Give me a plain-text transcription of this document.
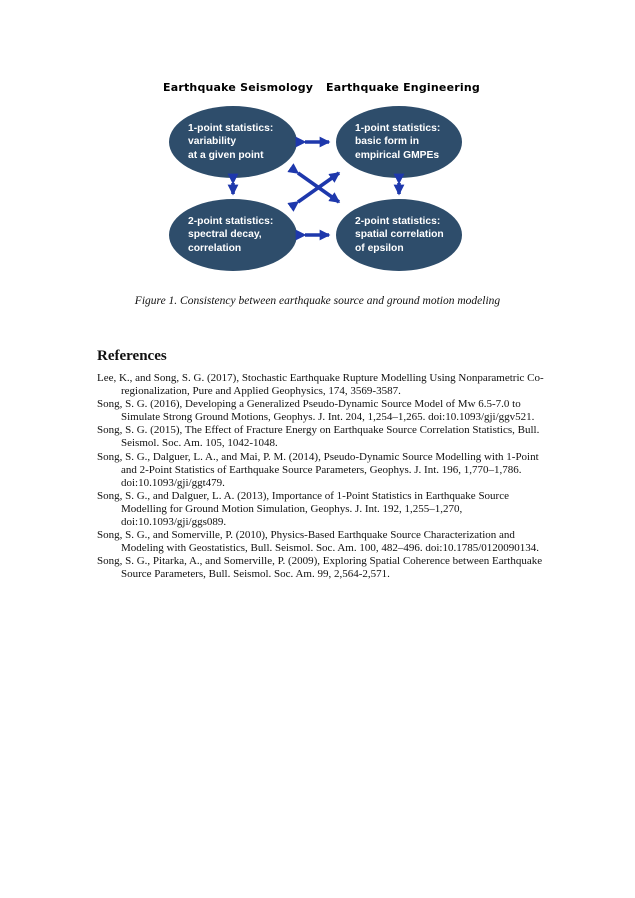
Earthquake Seismology Earthquake Engineering
1-point statistics:
variability
at a given point
1-point statistics:
basic form in
empirical GMPEs
2-point statistics:
spectral decay,
correlation
2-point statistics:
spatial correlation
of epsilon
Figure 1. Consistency between earthquake source and ground motion modeling
References

Lee, K., and Song, S. G. (2017), Stochastic Earthquake Rupture Modelling Using Nonparametric Co-regionalization, Pure and Applied Geophysics, 174, 3569-3587.

Song, S. G. (2016), Developing a Generalized Pseudo-Dynamic Source Model of Mw 6.5-7.0 to Simulate Strong Ground Motions, Geophys. J. Int. 204, 1,254–1,265. doi:10.1093/gji/ggv521.

Song, S. G. (2015), The Effect of Fracture Energy on Earthquake Source Correlation Statistics, Bull. Seismol. Soc. Am. 105, 1042-1048.

Song, S. G., Dalguer, L. A., and Mai, P. M. (2014), Pseudo-Dynamic Source Modelling with 1-Point and 2-Point Statistics of Earthquake Source Parameters, Geophys. J. Int. 196, 1,770–1,786. doi:10.1093/gji/ggt479.

Song, S. G., and Dalguer, L. A. (2013), Importance of 1-Point Statistics in Earthquake Source Modelling for Ground Motion Simulation, Geophys. J. Int. 192, 1,255–1,270, doi:10.1093/gji/ggs089.

Song, S. G., and Somerville, P. (2010), Physics-Based Earthquake Source Characterization and Modeling with Geostatistics, Bull. Seismol. Soc. Am. 100, 482–496. doi:10.1785/0120090134.

Song, S. G., Pitarka, A., and Somerville, P. (2009), Exploring Spatial Coherence between Earthquake Source Parameters, Bull. Seismol. Soc. Am. 99, 2,564-2,571.
